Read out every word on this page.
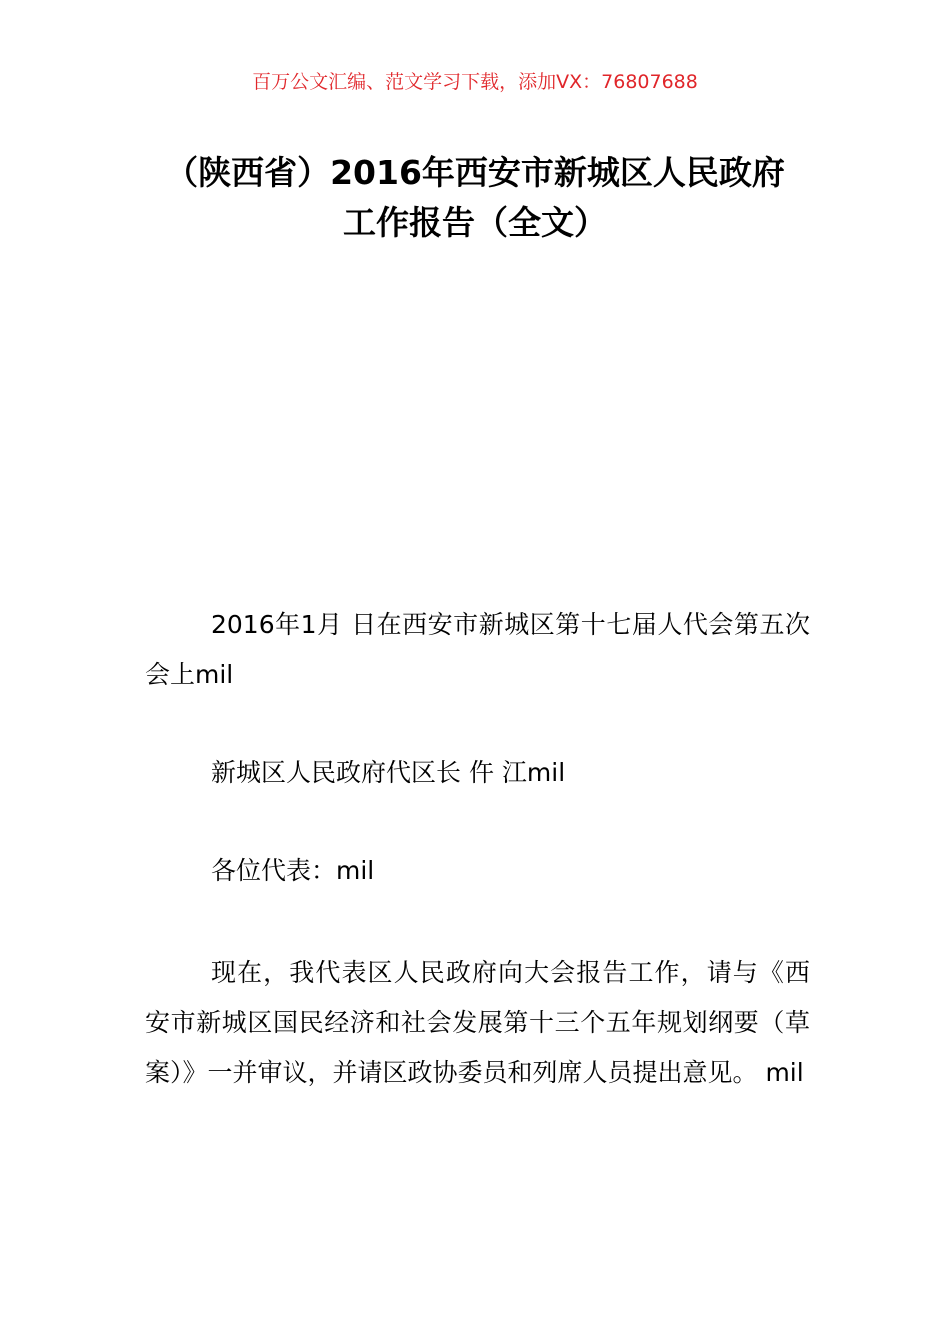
百万公文汇编、范文学习下载，添加VX：76807688
（陕西省）2016年西安市新城区人民政府
工作报告（全文）

2016年1月 日在西安市新城区第十七届人代会第五次会上mil

新城区人民政府代区长 仵 江mil

各位代表：mil

现在，我代表区人民政府向大会报告工作，请与《西安市新城区国民经济和社会发展第十三个五年规划纲要（草案）》一并审议，并请区政协委员和列席人员提出意见。 mil
